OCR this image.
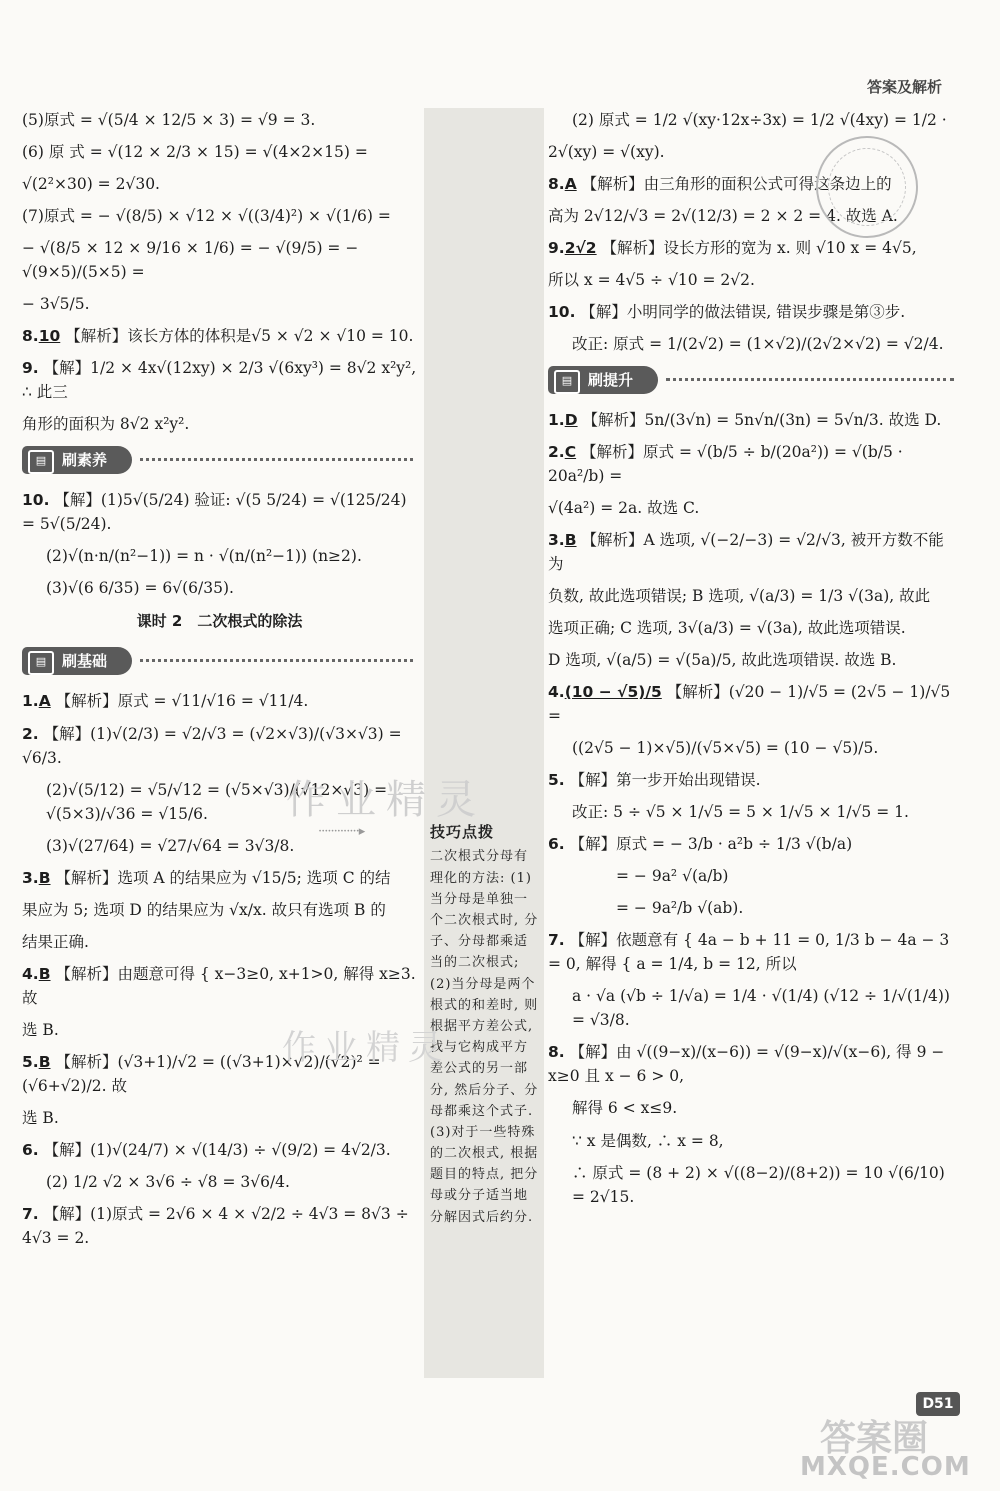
答案及解析
·············▸	技巧点拨
二次根式分母有理化的方法: (1)当分母是单独一个二次根式时, 分子、分母都乘适当的二次根式; (2)当分母是两个根式的和差时, 则根据平方差公式, 找与它构成平方差公式的另一部分, 然后分子、分母都乘这个式子. (3)对于一些特殊的二次根式, 根据题目的特点, 把分母或分子适当地分解因式后约分.
(5)原式 = √(5/4 × 12/5 × 3) = √9 = 3.
(6) 原 式 = √(12 × 2/3 × 15) = √(4×2×15) =
√(2²×30) = 2√30.
(7)原式 = − √(8/5) × √12 × √((3/4)²) × √(1/6) =
− √(8/5 × 12 × 9/16 × 1/6) = − √(9/5) = − √(9×5)/(5×5) =
− 3√5/5.
8.10 【解析】该长方体的体积是√5 × √2 × √10 = 10.
9. 【解】1/2 × 4x√(12xy) × 2/3 √(6xy³) = 8√2 x²y², ∴ 此三
角形的面积为 8√2 x²y².
▤	刷素养
10. 【解】(1)5√(5/24) 验证: √(5 5/24) = √(125/24) = 5√(5/24).
(2)√(n·n/(n²−1)) = n · √(n/(n²−1)) (n≥2).
(3)√(6 6/35) = 6√(6/35).
课时 2　二次根式的除法
▤	刷基础
1.A 【解析】原式 = √11/√16 = √11/4.
2. 【解】(1)√(2/3) = √2/√3 = (√2×√3)/(√3×√3) = √6/3.
(2)√(5/12) = √5/√12 = (√5×√3)/(√12×√3) = √(5×3)/√36 = √15/6.
(3)√(27/64) = √27/√64 = 3√3/8.
3.B 【解析】选项 A 的结果应为 √15/5; 选项 C 的结
果应为 5; 选项 D 的结果应为 √x/x. 故只有选项 B 的
结果正确.
4.B 【解析】由题意可得 { x−3≥0, x+1>0, 解得 x≥3. 故
选 B.
5.B 【解析】(√3+1)/√2 = ((√3+1)×√2)/(√2)² = (√6+√2)/2. 故
选 B.
6. 【解】(1)√(24/7) × √(14/3) ÷ √(9/2) = 4√2/3.
(2) 1/2 √2 × 3√6 ÷ √8 = 3√6/4.
7. 【解】(1)原式 = 2√6 × 4 × √2/2 ÷ 4√3 = 8√3 ÷ 4√3 = 2.
(2) 原式 = 1/2 √(xy·12x÷3x) = 1/2 √(4xy) = 1/2 ·
2√(xy) = √(xy).
8.A 【解析】由三角形的面积公式可得这条边上的
高为 2√12/√3 = 2√(12/3) = 2 × 2 = 4. 故选 A.
9.2√2 【解析】设长方形的宽为 x. 则 √10 x = 4√5,
所以 x = 4√5 ÷ √10 = 2√2.
10. 【解】小明同学的做法错误, 错误步骤是第③步.
改正: 原式 = 1/(2√2) = (1×√2)/(2√2×√2) = √2/4.
▤	刷提升
1.D 【解析】5n/(3√n) = 5n√n/(3n) = 5√n/3. 故选 D.
2.C 【解析】原式 = √(b/5 ÷ b/(20a²)) = √(b/5 · 20a²/b) =
√(4a²) = 2a. 故选 C.
3.B 【解析】A 选项, √(−2/−3) = √2/√3, 被开方数不能为
负数, 故此选项错误; B 选项, √(a/3) = 1/3 √(3a), 故此
选项正确; C 选项, 3√(a/3) = √(3a), 故此选项错误.
D 选项, √(a/5) = √(5a)/5, 故此选项错误. 故选 B.
4.(10 − √5)/5 【解析】(√20 − 1)/√5 = (2√5 − 1)/√5 =
((2√5 − 1)×√5)/(√5×√5) = (10 − √5)/5.
5. 【解】第一步开始出现错误.
改正: 5 ÷ √5 × 1/√5 = 5 × 1/√5 × 1/√5 = 1.
6. 【解】原式 = − 3/b · a²b ÷ 1/3 √(b/a)
= − 9a² √(a/b)
= − 9a²/b √(ab).
7. 【解】依题意有 { 4a − b + 11 = 0, 1/3 b − 4a − 3 = 0, 解得 { a = 1/4, b = 12, 所以
a · √a (√b ÷ 1/√a) = 1/4 · √(1/4) (√12 ÷ 1/√(1/4)) = √3/8.
8. 【解】由 √((9−x)/(x−6)) = √(9−x)/√(x−6), 得 9 − x≥0 且 x − 6 > 0,
解得 6 < x≤9.
∵ x 是偶数, ∴ x = 8,
∴ 原式 = (8 + 2) × √((8−2)/(8+2)) = 10 √(6/10) = 2√15.
D51
作业精灵
作业精灵
答案圈
MXQE.COM
